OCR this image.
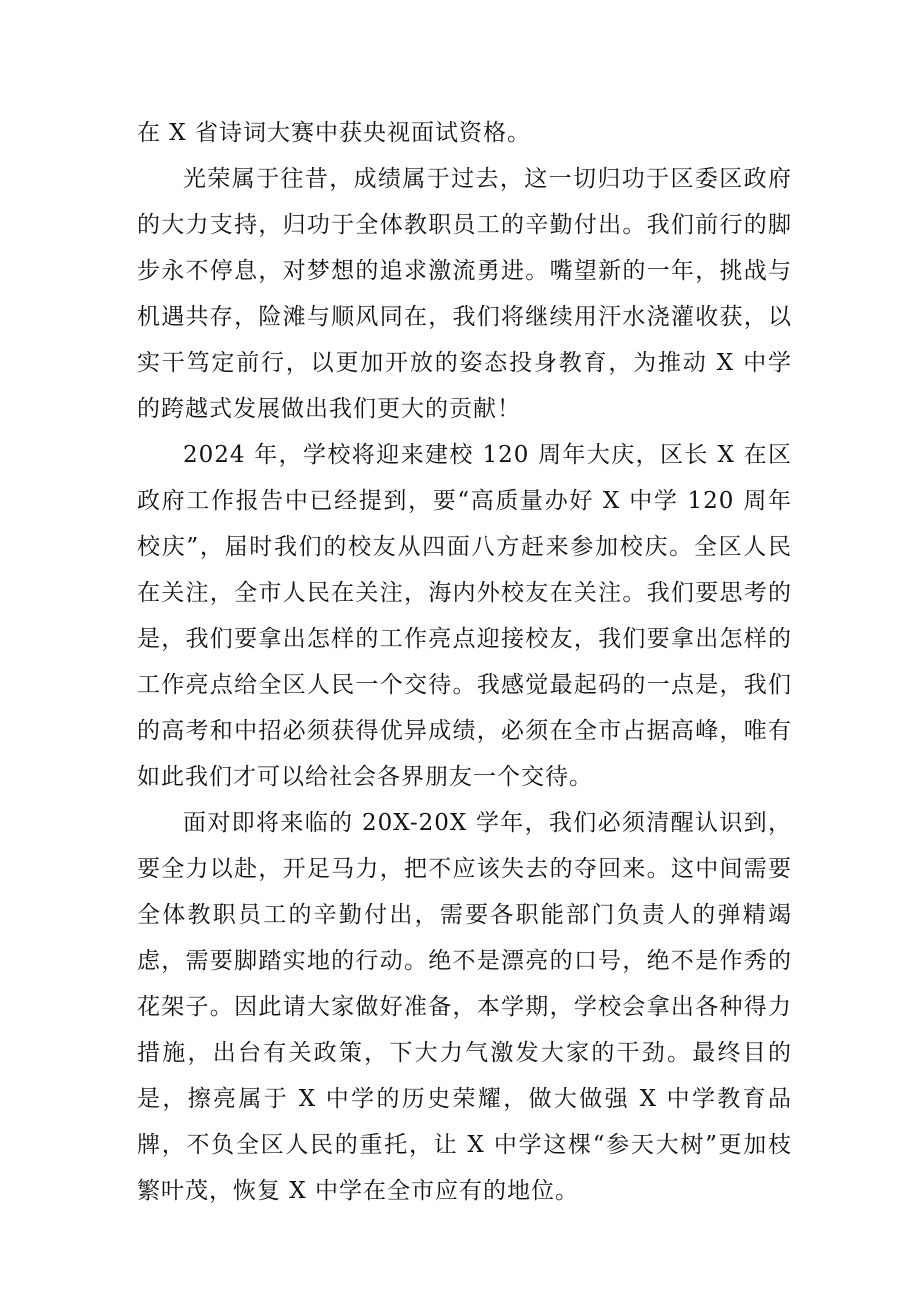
在 X 省诗词大赛中获央视面试资格。

光荣属于往昔，成绩属于过去，这一切归功于区委区政府的大力支持，归功于全体教职员工的辛勤付出。我们前行的脚步永不停息，对梦想的追求激流勇进。嘴望新的一年，挑战与机遇共存，险滩与顺风同在，我们将继续用汗水浇灌收获，以实干笃定前行，以更加开放的姿态投身教育，为推动 X 中学的跨越式发展做出我们更大的贡献！

2024 年，学校将迎来建校 120 周年大庆，区长 X 在区政府工作报告中已经提到，要“高质量办好 X 中学 120 周年校庆”，届时我们的校友从四面八方赶来参加校庆。全区人民在关注，全市人民在关注，海内外校友在关注。我们要思考的是，我们要拿出怎样的工作亮点迎接校友，我们要拿出怎样的工作亮点给全区人民一个交待。我感觉最起码的一点是，我们的高考和中招必须获得优异成绩，必须在全市占据高峰，唯有如此我们才可以给社会各界朋友一个交待。

面对即将来临的 20X-20X 学年，我们必须清醒认识到，要全力以赴，开足马力，把不应该失去的夺回来。这中间需要全体教职员工的辛勤付出，需要各职能部门负责人的弹精竭虑，需要脚踏实地的行动。绝不是漂亮的口号，绝不是作秀的花架子。因此请大家做好准备，本学期，学校会拿出各种得力措施，出台有关政策，下大力气激发大家的干劲。最终目的是，擦亮属于 X 中学的历史荣耀，做大做强 X 中学教育品牌，不负全区人民的重托，让 X 中学这棵“参天大树”更加枝繁叶茂，恢复 X 中学在全市应有的地位。
